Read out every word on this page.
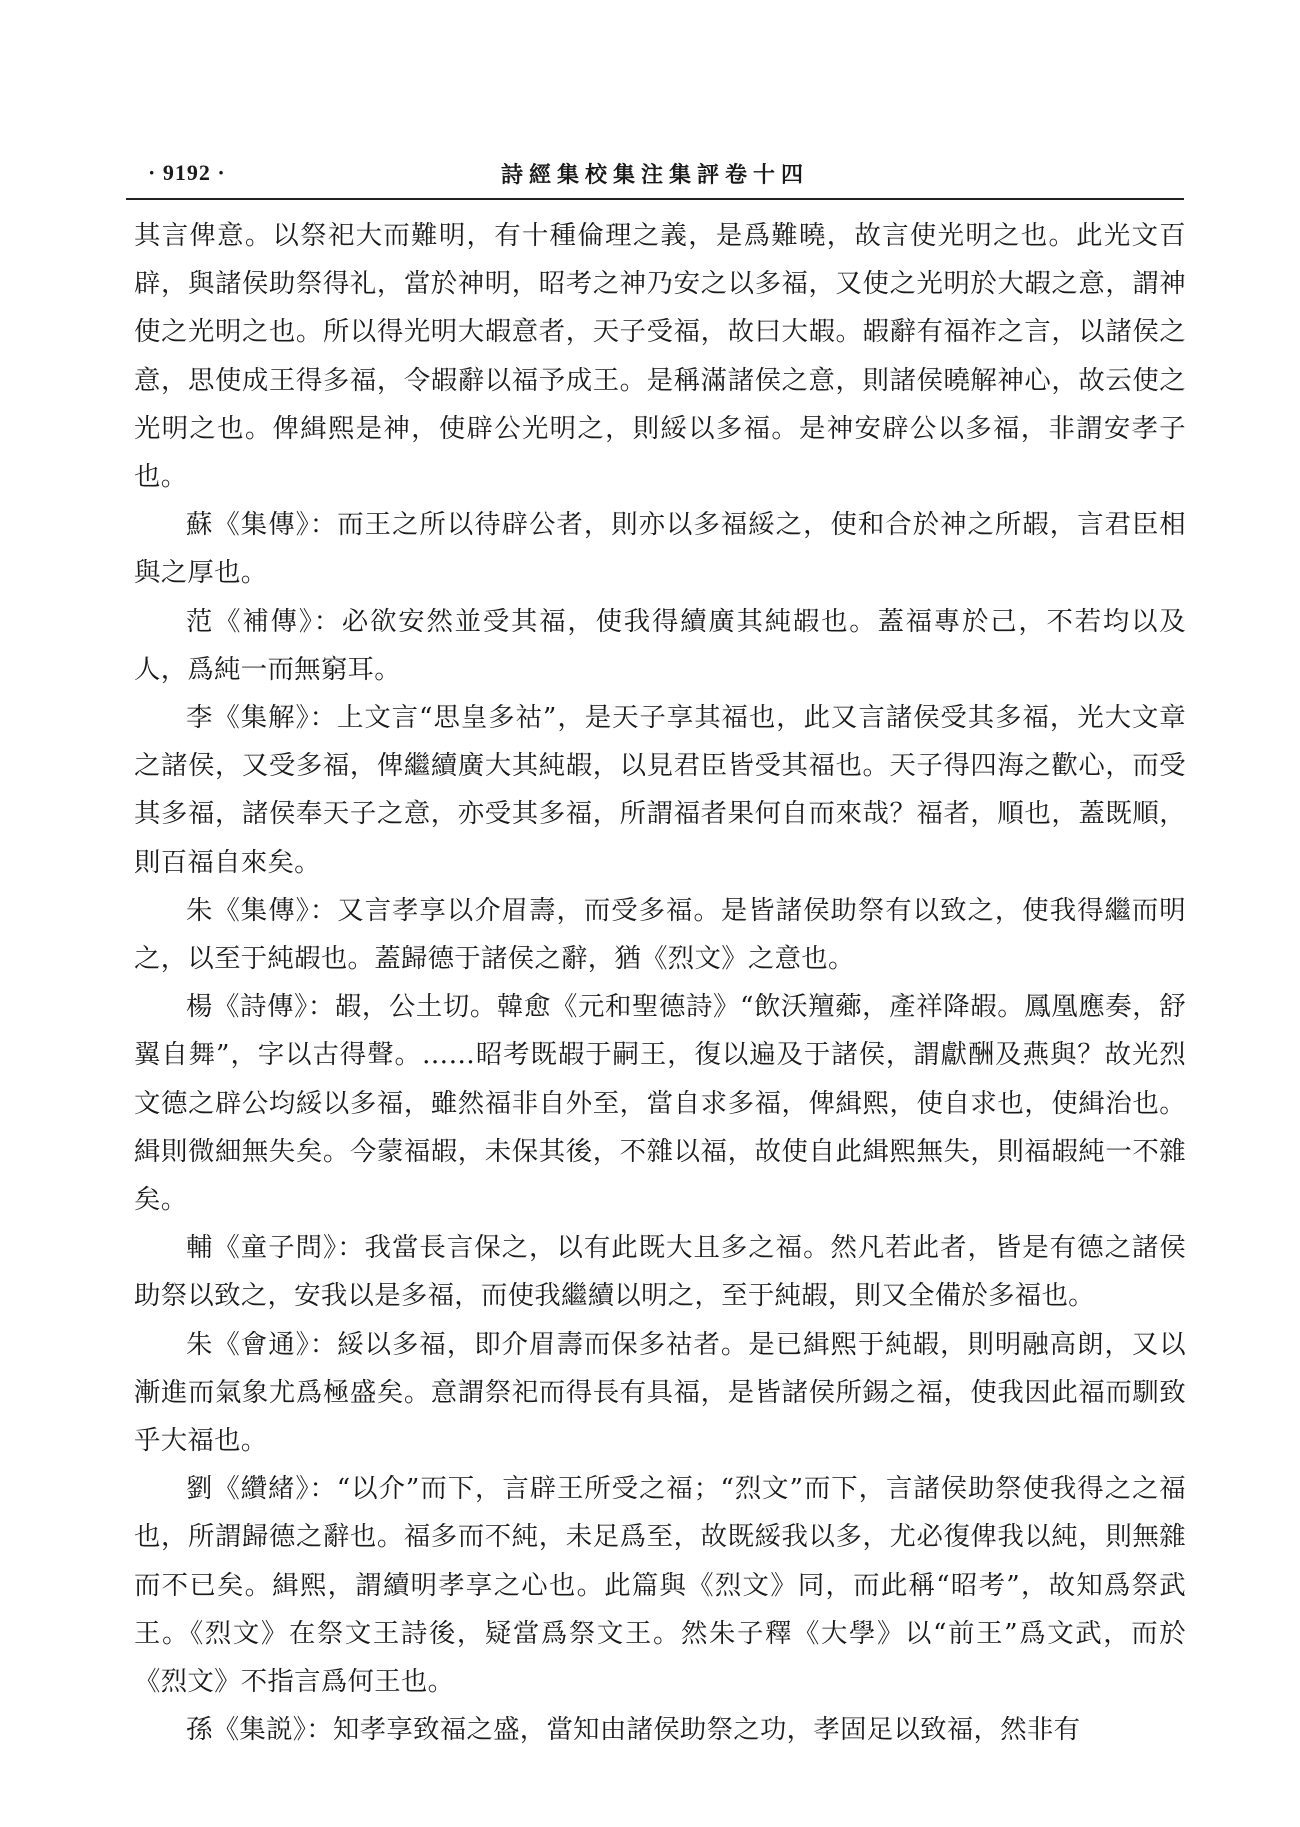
· 9192 ·	詩經集校集注集評卷十四

其言俾意。以祭祀大而難明，有十種倫理之義，是爲難曉，故言使光明之也。此光文百辟，與諸侯助祭得礼，當於神明，昭考之神乃安之以多福，又使之光明於大嘏之意，謂神使之光明之也。所以得光明大嘏意者，天子受福，故曰大嘏。嘏辭有福祚之言，以諸侯之意，思使成王得多福，令嘏辭以福予成王。是稱滿諸侯之意，則諸侯曉解神心，故云使之光明之也。俾緝熙是神，使辟公光明之，則綏以多福。是神安辟公以多福，非謂安孝子也。

蘇《集傳》：而王之所以待辟公者，則亦以多福綏之，使和合於神之所嘏，言君臣相與之厚也。

范《補傳》：必欲安然並受其福，使我得續廣其純嘏也。蓋福專於己，不若均以及人，爲純一而無窮耳。

李《集解》：上文言“思皇多祜”，是天子享其福也，此又言諸侯受其多福，光大文章之諸侯，又受多福，俾繼續廣大其純嘏，以見君臣皆受其福也。天子得四海之歡心，而受其多福，諸侯奉天子之意，亦受其多福，所謂福者果何自而來哉？福者，順也，蓋既順，則百福自來矣。

朱《集傳》：又言孝享以介眉壽，而受多福。是皆諸侯助祭有以致之，使我得繼而明之，以至于純嘏也。蓋歸德于諸侯之辭，猶《烈文》之意也。

楊《詩傳》：嘏，公土切。韓愈《元和聖德詩》“飲沃羶薌，產祥降嘏。鳳凰應奏，舒翼自舞”，字以古得聲。……昭考既嘏于嗣王，復以遍及于諸侯，謂獻酬及燕與？故光烈文德之辟公均綏以多福，雖然福非自外至，當自求多福，俾緝熙，使自求也，使緝治也。緝則微細無失矣。今蒙福嘏，未保其後，不雜以福，故使自此緝熙無失，則福嘏純一不雜矣。

輔《童子問》：我當長言保之，以有此既大且多之福。然凡若此者，皆是有德之諸侯助祭以致之，安我以是多福，而使我繼續以明之，至于純嘏，則又全備於多福也。

朱《會通》：綏以多福，即介眉壽而保多祜者。是已緝熙于純嘏，則明融高朗，又以漸進而氣象尤爲極盛矣。意謂祭祀而得長有具福，是皆諸侯所錫之福，使我因此福而馴致乎大福也。

劉《纘緒》：“以介”而下，言辟王所受之福；“烈文”而下，言諸侯助祭使我得之之福也，所謂歸德之辭也。福多而不純，未足爲至，故既綏我以多，尤必復俾我以純，則無雜而不已矣。緝熙，謂續明孝享之心也。此篇與《烈文》同，而此稱“昭考”，故知爲祭武王。《烈文》在祭文王詩後，疑當爲祭文王。然朱子釋《大學》以“前王”爲文武，而於《烈文》不指言爲何王也。

孫《集説》：知孝享致福之盛，當知由諸侯助祭之功，孝固足以致福，然非有
